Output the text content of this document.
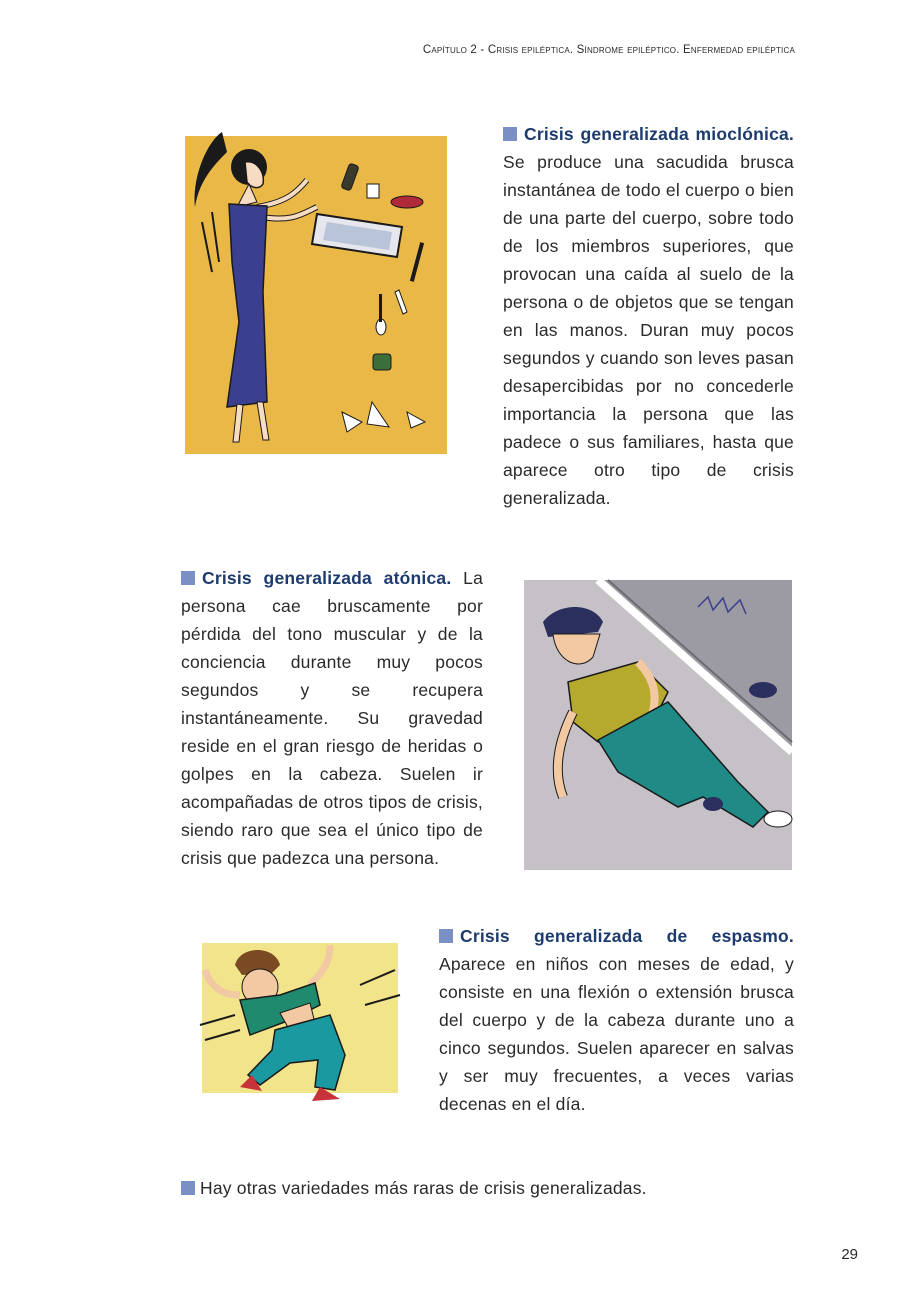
Capítulo 2 - Crisis epiléptica. Síndrome epiléptico. Enfermedad epiléptica

Crisis generalizada mioclónica. Se produce una sacudida brusca instantánea de todo el cuerpo o bien de una parte del cuerpo, sobre todo de los miembros superiores, que provocan una caída al suelo de la persona o de objetos que se tengan en las manos. Duran muy pocos segundos y cuando son leves pasan desapercibidas por no concederle importancia la persona que las padece o sus familiares, hasta que aparece otro tipo de crisis generalizada.

Crisis generalizada atónica. La persona cae bruscamente por pérdida del tono muscular y de la conciencia durante muy pocos segundos y se recupera instantáneamente. Su gravedad reside en el gran riesgo de heridas o golpes en la cabeza. Suelen ir acompañadas de otros tipos de crisis, siendo raro que sea el único tipo de crisis que padezca una persona.

Crisis generalizada de espasmo. Aparece en niños con meses de edad, y consiste en una flexión o extensión brusca del cuerpo y de la cabeza durante uno a cinco segundos. Suelen aparecer en salvas y ser muy frecuentes, a veces varias decenas en el día.

Hay otras variedades más raras de crisis generalizadas.
29
